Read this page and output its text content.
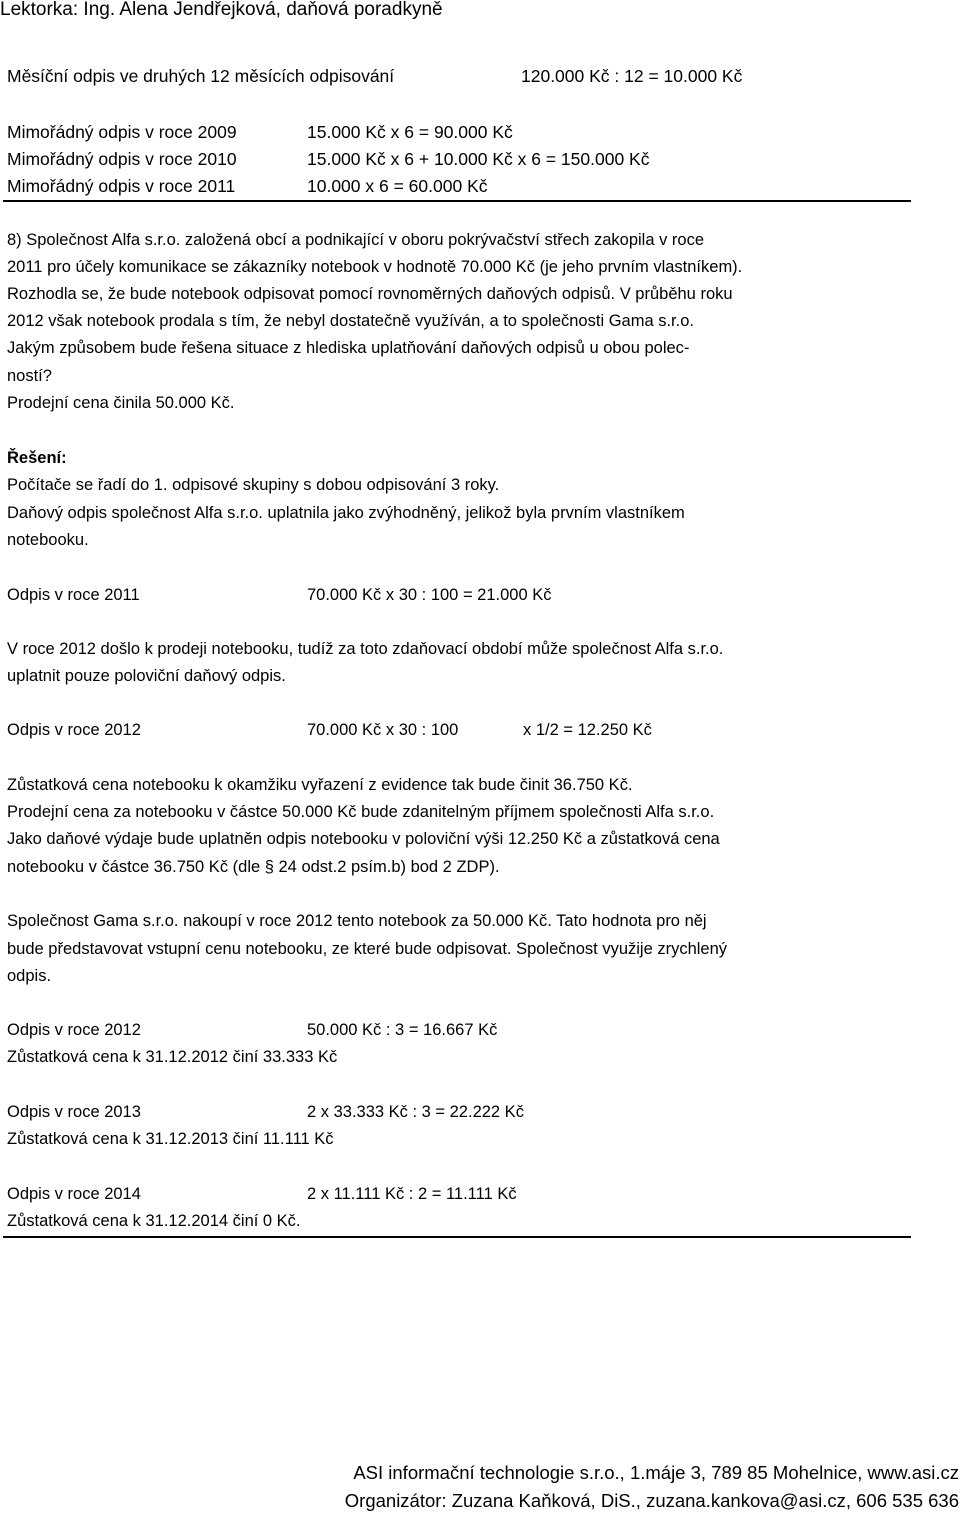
Lektorka: Ing. Alena Jendřejková, daňová poradkyně
Měsíční odpis ve druhých 12 měsících odpisování	120.000 Kč : 12 = 10.000 Kč
Mimořádný odpis v roce 2009	15.000 Kč x 6 = 90.000 Kč
Mimořádný odpis v roce 2010	15.000 Kč x 6 + 10.000 Kč x 6 = 150.000 Kč
Mimořádný odpis v roce 2011	10.000 x 6 = 60.000 Kč
8) Společnost Alfa s.r.o. založená obcí a podnikající v oboru pokrývačství střech zakopila v roce
2011 pro účely komunikace se zákazníky notebook v hodnotě 70.000 Kč (je jeho prvním vlastníkem).
Rozhodla se, že bude notebook odpisovat pomocí rovnoměrných daňových odpisů. V průběhu roku
2012 však notebook prodala s tím, že nebyl dostatečně využíván, a to společnosti Gama s.r.o.
Jakým způsobem bude řešena situace z hlediska uplatňování daňových odpisů u obou polec-
ností?
Prodejní cena činila 50.000 Kč.
Řešení:
Počítače se řadí do 1. odpisové skupiny s dobou odpisování 3 roky.
Daňový odpis společnost Alfa s.r.o. uplatnila jako zvýhodněný, jelikož byla prvním vlastníkem
notebooku.
Odpis v roce 2011	70.000 Kč x 30 : 100 = 21.000 Kč
V roce 2012 došlo k prodeji notebooku, tudíž za toto zdaňovací období může společnost Alfa s.r.o.
uplatnit pouze poloviční daňový odpis.
Odpis v roce 2012	70.000 Kč x 30 : 100	x 1/2 = 12.250 Kč
Zůstatková cena notebooku k okamžiku vyřazení z evidence tak bude činit 36.750 Kč.
Prodejní cena za notebooku v částce 50.000 Kč bude zdanitelným příjmem společnosti Alfa s.r.o.
Jako daňové výdaje bude uplatněn odpis notebooku v poloviční výši 12.250 Kč a zůstatková cena
notebooku v částce 36.750 Kč (dle § 24 odst.2 psím.b) bod 2 ZDP).
Společnost Gama s.r.o. nakoupí v roce 2012 tento notebook za 50.000 Kč. Tato hodnota pro něj
bude představovat vstupní cenu notebooku, ze které bude odpisovat. Společnost využije zrychlený
odpis.
Odpis v roce 2012	50.000 Kč : 3 = 16.667 Kč
Zůstatková cena k 31.12.2012 činí 33.333 Kč
Odpis v roce 2013	2 x 33.333 Kč : 3 = 22.222 Kč
Zůstatková cena k 31.12.2013 činí 11.111 Kč
Odpis v roce 2014	2 x 11.111 Kč : 2 = 11.111 Kč
Zůstatková cena k 31.12.2014 činí 0 Kč.
ASI informační technologie s.r.o., 1.máje 3, 789 85 Mohelnice, www.asi.cz
Organizátor: Zuzana Kaňková, DiS., zuzana.kankova@asi.cz, 606 535 636
